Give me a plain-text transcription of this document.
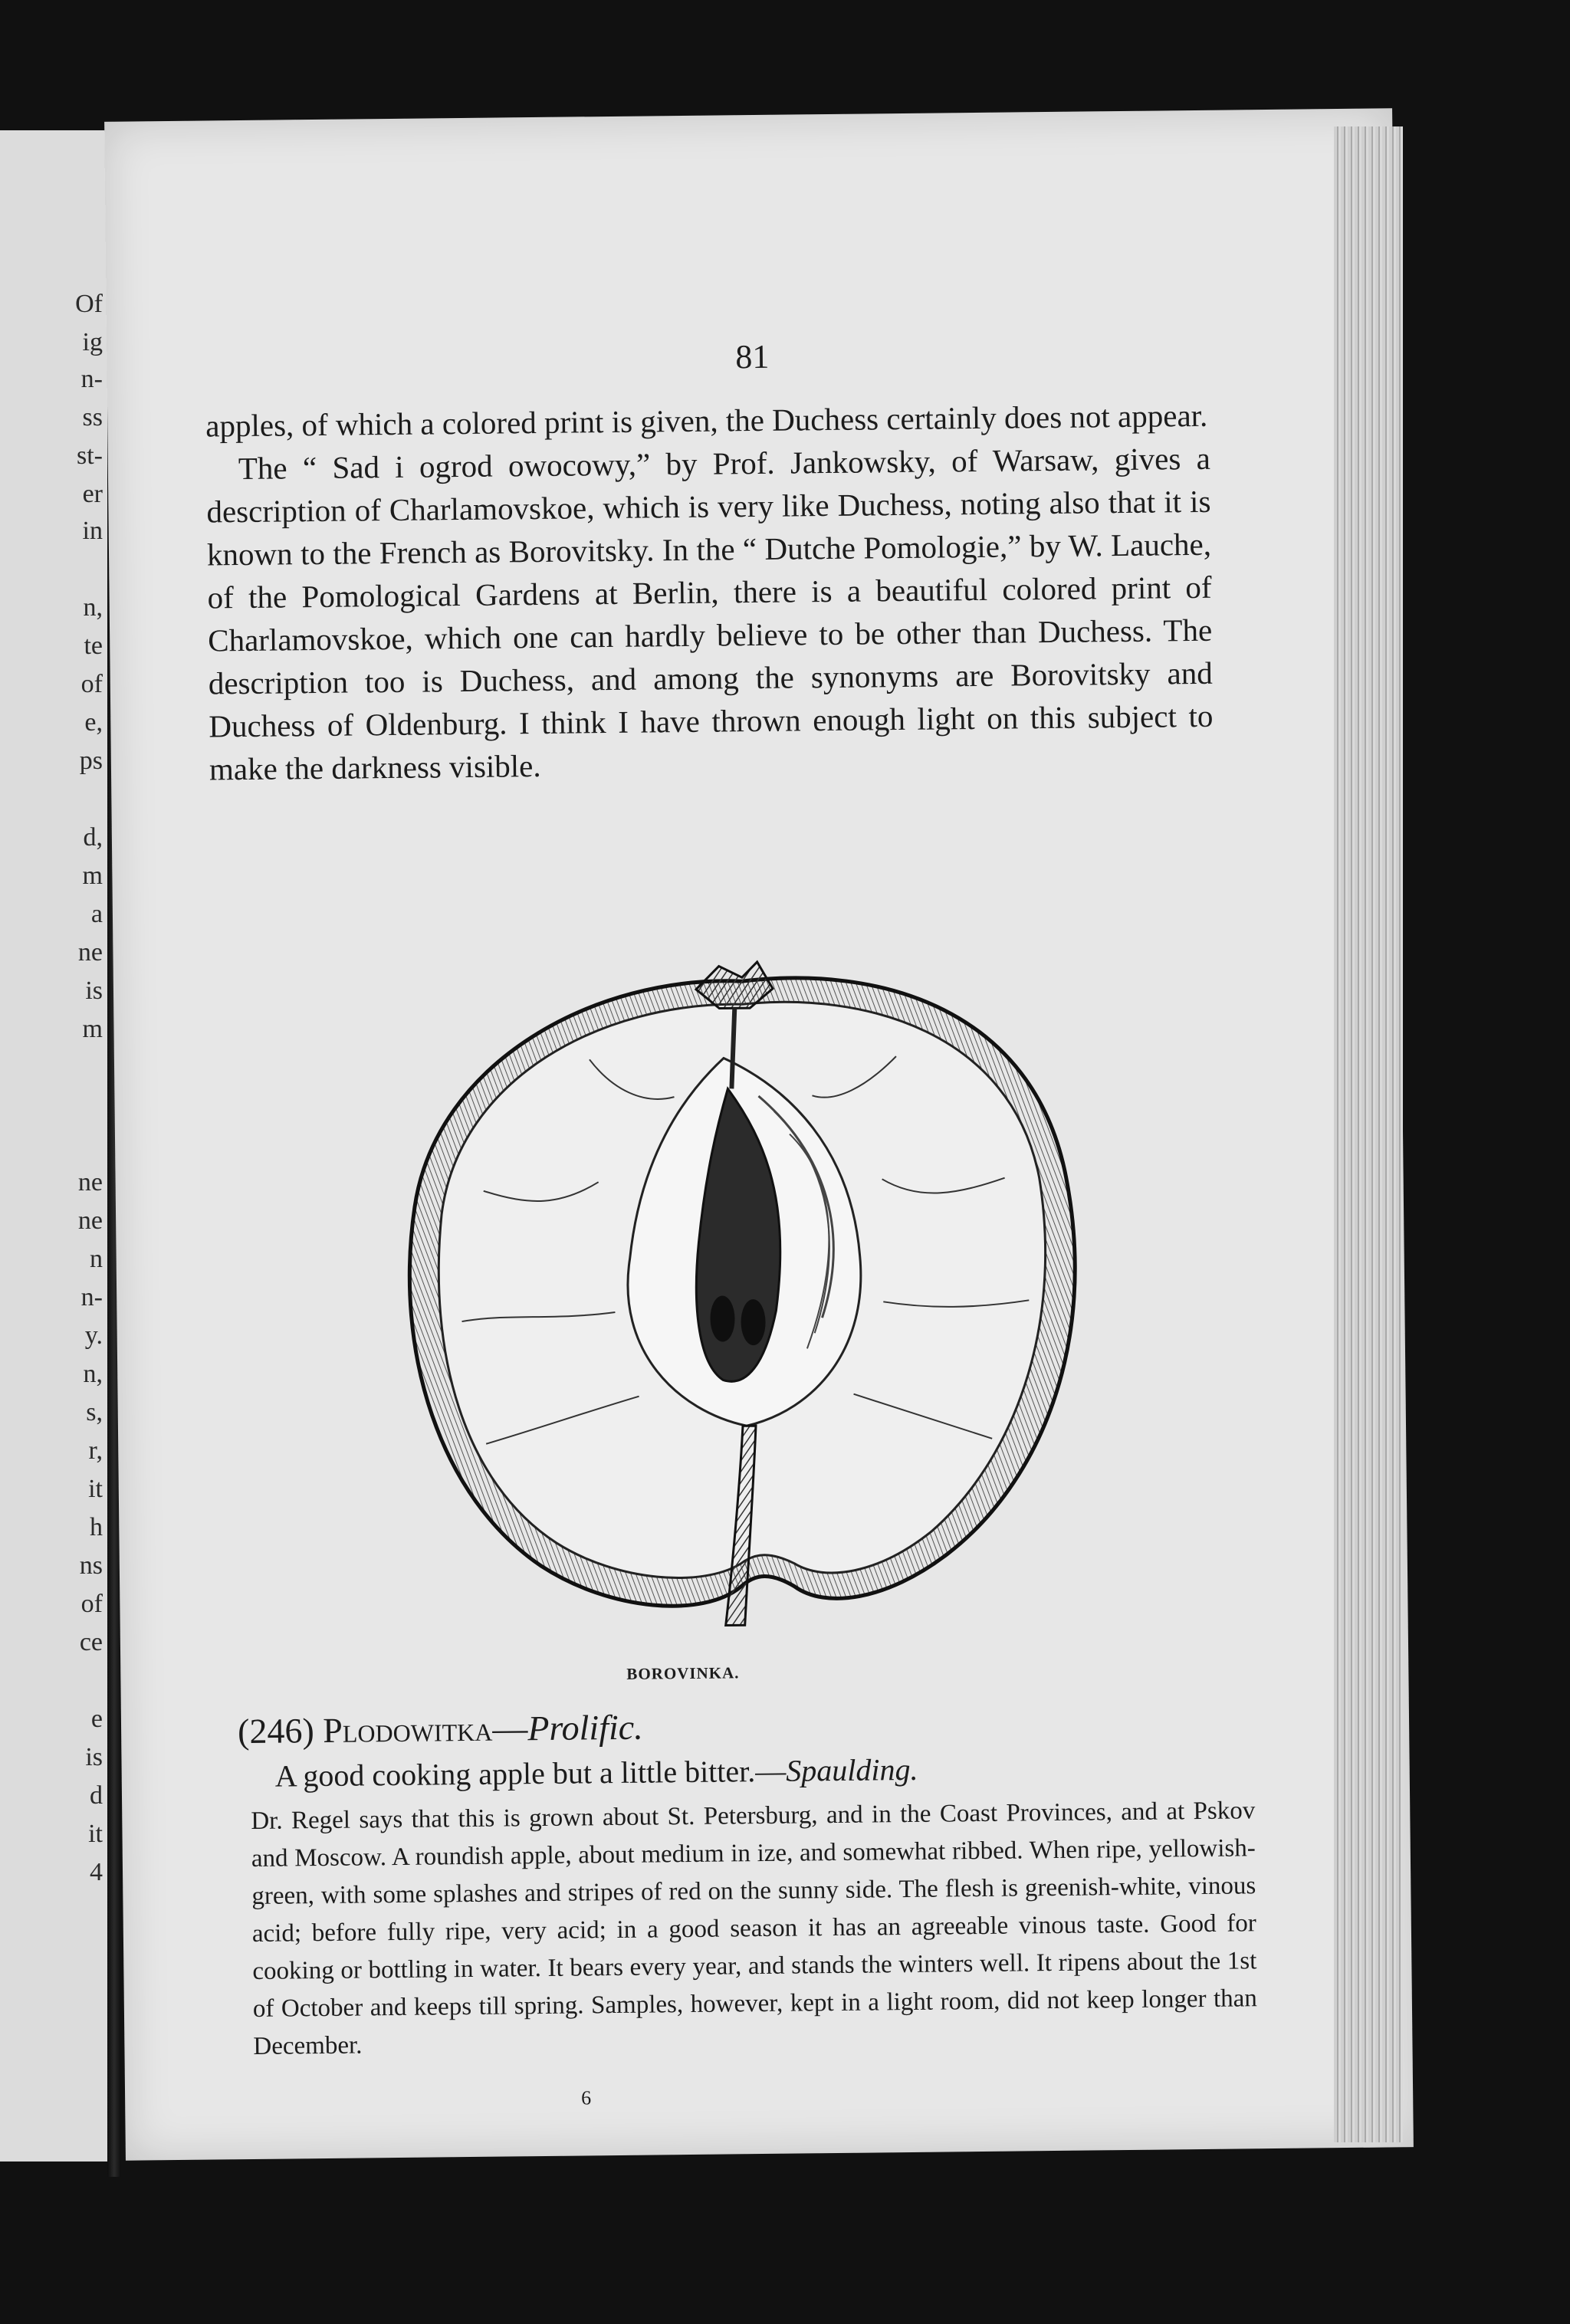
Of

ig

n-

ss

st-

er

in

n,

te

of

e,

ps

d,

m

a

ne

is

m

ne

ne

n

n-

y.

n,

s,

r,

it

h

ns

of

ce

e

is

d

it

4

81

apples, of which a colored print is given, the Duchess certainly does not appear.

The “ Sad i ogrod owocowy,” by Prof. Jankowsky, of Warsaw, gives a description of Charlamovskoe, which is very like Duchess, noting also that it is known to the French as Borovitsky. In the “ Dutche Pomologie,” by W. Lauche, of the Pomological Gardens at Berlin, there is a beautiful colored print of Charlamovskoe, which one can hardly believe to be other than Duchess. The description too is Duchess, and among the synonyms are Borovitsky and Duchess of Oldenburg. I think I have thrown enough light on this subject to make the darkness visible.

BOROVINKA.

(246) Plodowitka—Prolific.

A good cooking apple but a little bitter.—Spaulding.

Dr. Regel says that this is grown about St. Petersburg, and in the Coast Provinces, and at Pskov and Moscow. A roundish apple, about medium in ize, and somewhat ribbed. When ripe, yellowish-green, with some splashes and stripes of red on the sunny side. The flesh is greenish-white, vinous acid; before fully ripe, very acid; in a good season it has an agreeable vinous taste. Good for cooking or bottling in water. It bears every year, and stands the winters well. It ripens about the 1st of October and keeps till spring. Samples, however, kept in a light room, did not keep longer than December.

6
